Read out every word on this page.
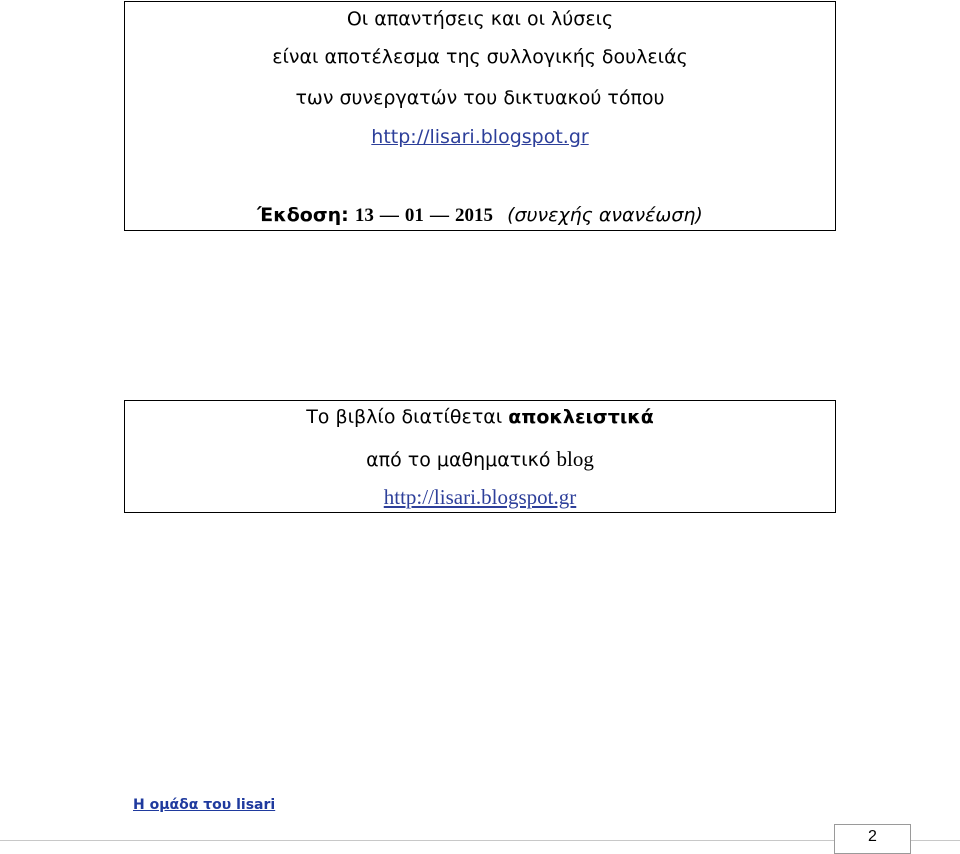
Οι απαντήσεις και οι λύσεις
είναι αποτέλεσμα της συλλογικής δουλειάς
των συνεργατών του δικτυακού τόπου
http://lisari.blogspot.gr
Έκδοση: 13 — 01 — 2015 (συνεχής ανανέωση)
Το βιβλίο διατίθεται αποκλειστικά
από το μαθηματικό blog
http://lisari.blogspot.gr
Η ομάδα του lisari
2
